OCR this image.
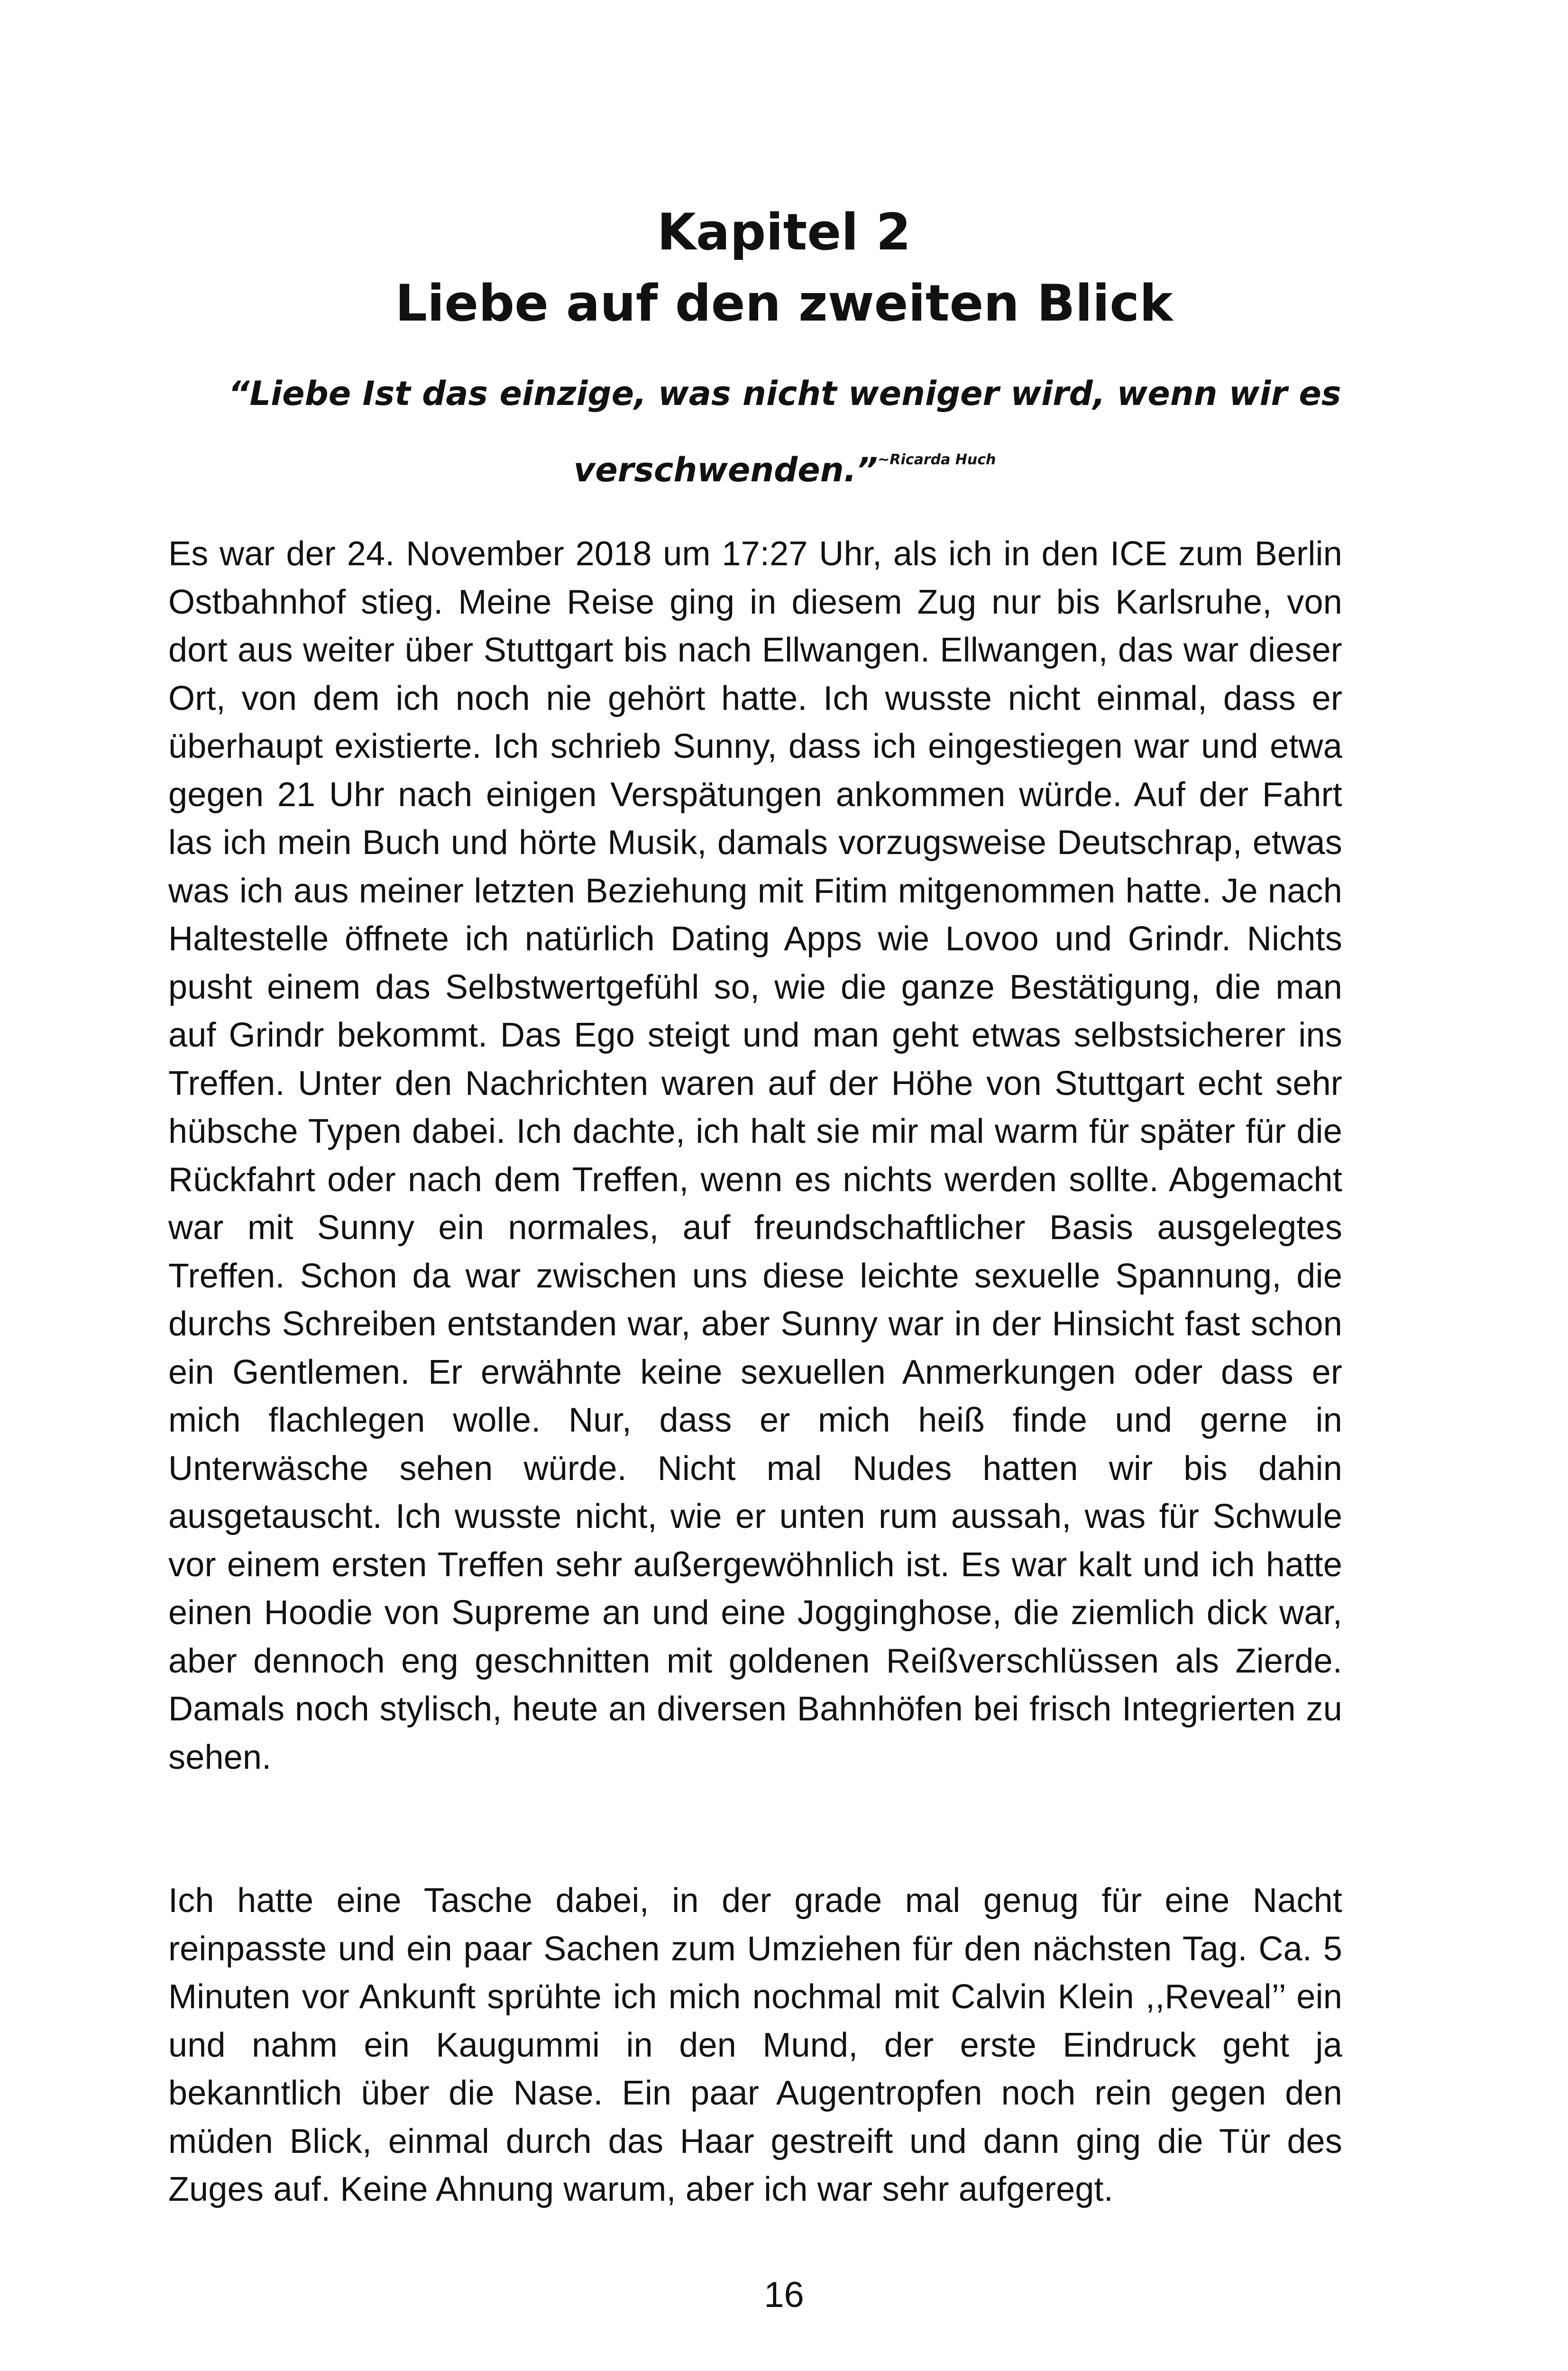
Kapitel 2
Liebe auf den zweiten Blick
“Liebe Ist das einzige, was nicht weniger wird, wenn wir es verschwenden.”$^{\sim Ricarda Huch}$

Es war der 24. November 2018 um 17:27 Uhr, als ich in den ICE zum Berlin Ostbahnhof stieg. Meine Reise ging in diesem Zug nur bis Karlsruhe, von dort aus weiter über Stuttgart bis nach Ellwangen. Ellwangen, das war dieser Ort, von dem ich noch nie gehört hatte. Ich wusste nicht einmal, dass er überhaupt existierte. Ich schrieb Sunny, dass ich eingestiegen war und etwa gegen 21 Uhr nach einigen Verspätungen ankommen würde. Auf der Fahrt las ich mein Buch und hörte Musik, damals vorzugsweise Deutschrap, etwas was ich aus meiner letzten Beziehung mit Fitim mitgenommen hatte. Je nach Haltestelle öffnete ich natürlich Dating Apps wie Lovoo und Grindr. Nichts pusht einem das Selbstwertgefühl so, wie die ganze Bestätigung, die man auf Grindr bekommt. Das Ego steigt und man geht etwas selbstsicherer ins Treffen. Unter den Nachrichten waren auf der Höhe von Stuttgart echt sehr hübsche Typen dabei. Ich dachte, ich halt sie mir mal warm für später für die Rückfahrt oder nach dem Treffen, wenn es nichts werden sollte. Abgemacht war mit Sunny ein normales, auf freundschaftlicher Basis ausgelegtes Treffen. Schon da war zwischen uns diese leichte sexuelle Spannung, die durchs Schreiben entstanden war, aber Sunny war in der Hinsicht fast schon ein Gentlemen. Er erwähnte keine sexuellen Anmerkungen oder dass er mich flachlegen wolle. Nur, dass er mich heiß finde und gerne in Unterwäsche sehen würde. Nicht mal Nudes hatten wir bis dahin ausgetauscht. Ich wusste nicht, wie er unten rum aussah, was für Schwule vor einem ersten Treffen sehr außergewöhnlich ist. Es war kalt und ich hatte einen Hoodie von Supreme an und eine Jogginghose, die ziemlich dick war, aber dennoch eng geschnitten mit goldenen Reißverschlüssen als Zierde. Damals noch stylisch, heute an diversen Bahnhöfen bei frisch Integrierten zu sehen.

Ich hatte eine Tasche dabei, in der grade mal genug für eine Nacht reinpasste und ein paar Sachen zum Umziehen für den nächsten Tag. Ca. 5 Minuten vor Ankunft sprühte ich mich nochmal mit Calvin Klein ,,Reveal’’ ein und nahm ein Kaugummi in den Mund, der erste Eindruck geht ja bekanntlich über die Nase. Ein paar Augentropfen noch rein gegen den müden Blick, einmal durch das Haar gestreift und dann ging die Tür des Zuges auf. Keine Ahnung warum, aber ich war sehr aufgeregt.

16
